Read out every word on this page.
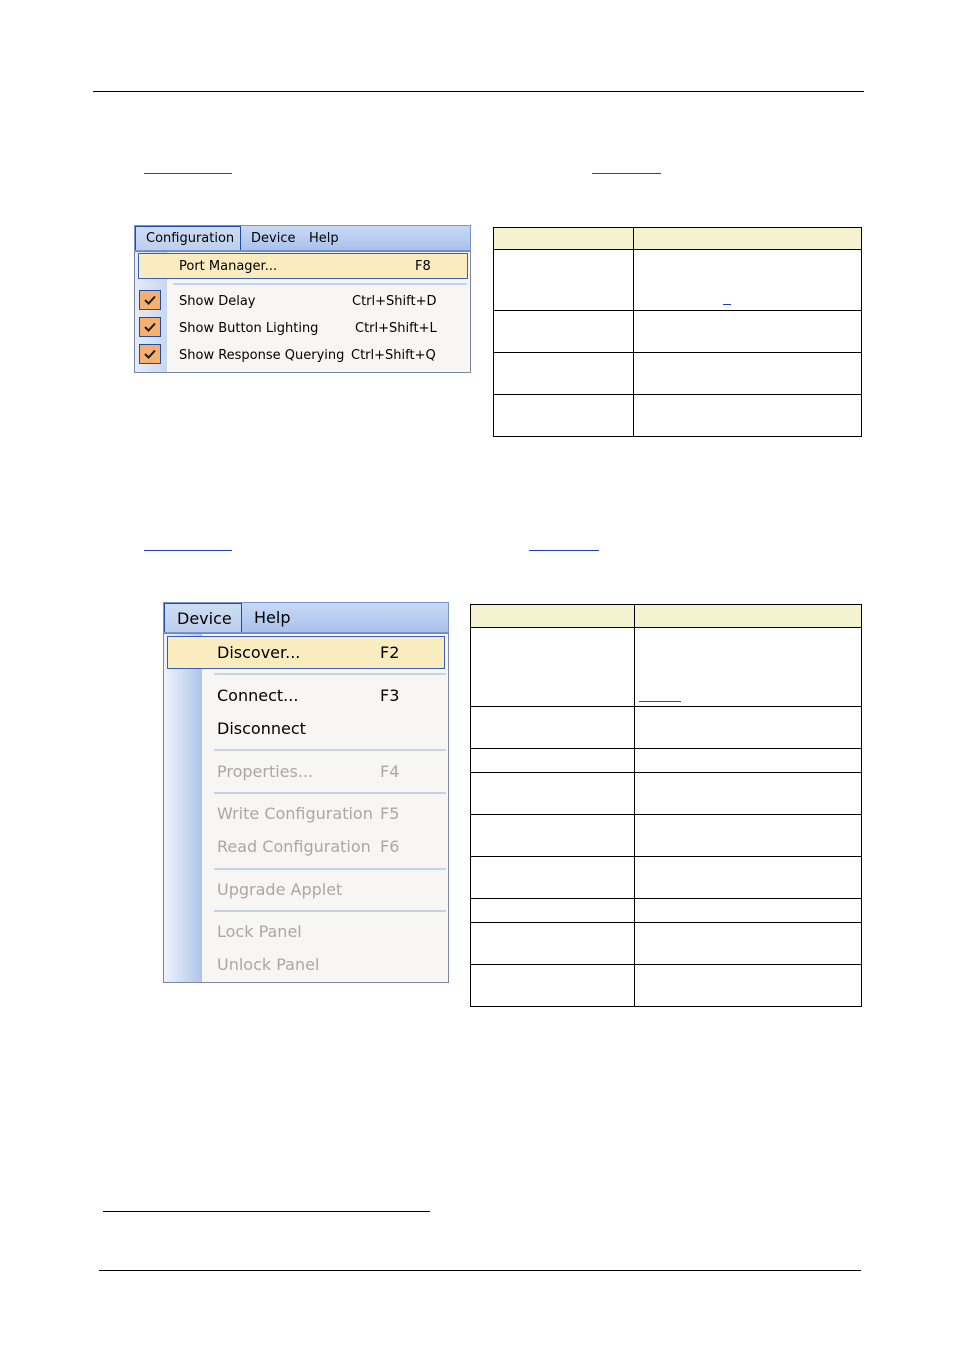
Configuration Device Help
Port Manager...	F8
Show Delay	Ctrl+Shift+D
Show Button Lighting	Ctrl+Shift+L
Show Response Querying Ctrl+Shift+Q

Device Help
Discover...	F2
Connect...	F3
Disconnect
Properties...	F4
Write Configuration F5
Read Configuration F6
Upgrade Applet
Lock Panel
Unlock Panel
